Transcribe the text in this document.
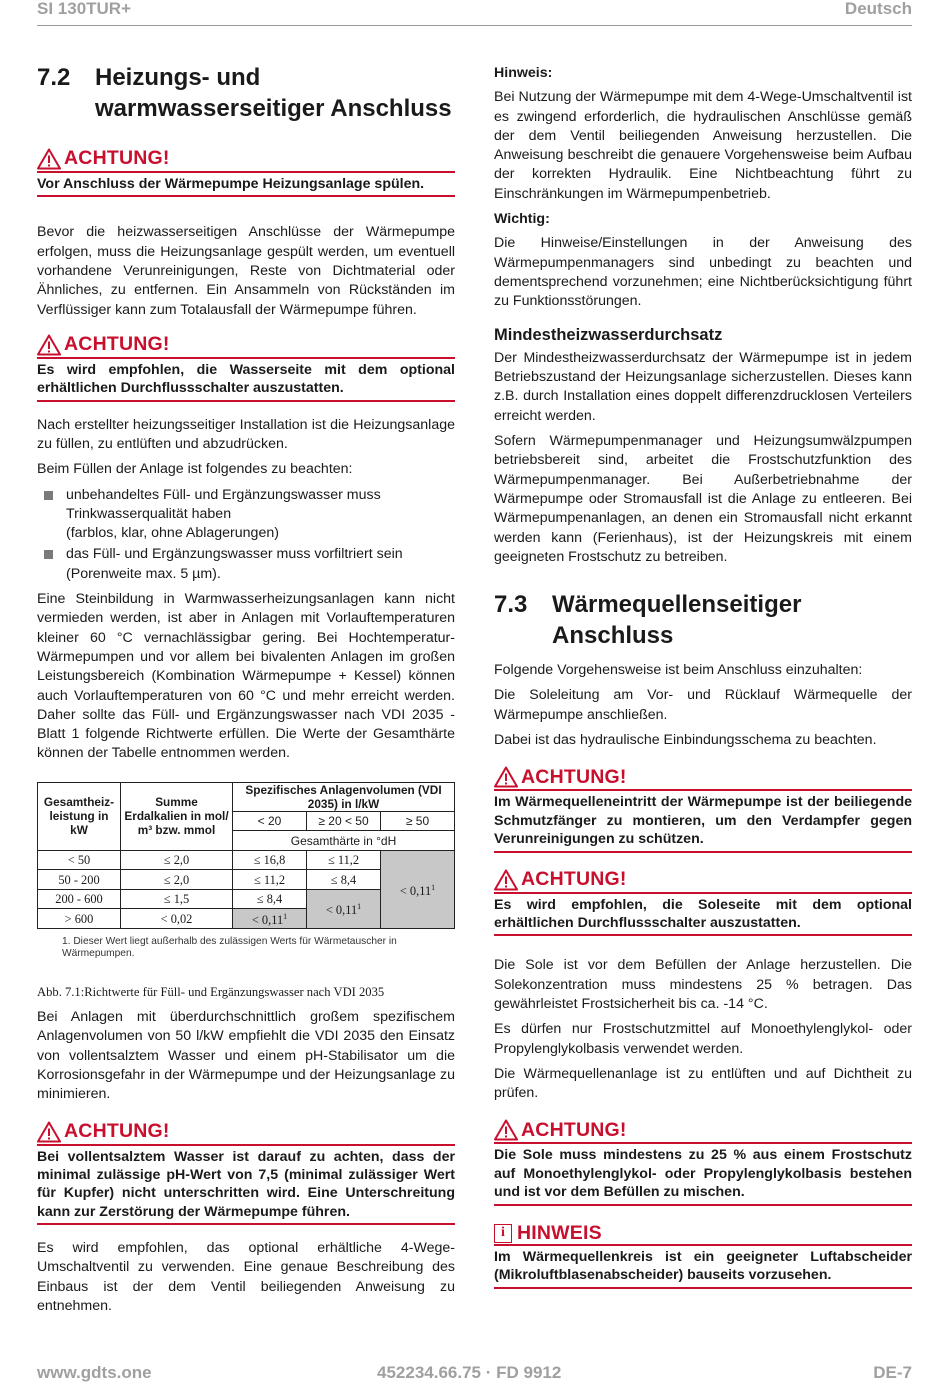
SI 130TUR+	Deutsch
7.2	Heizungs- und warmwasserseitiger Anschluss
ACHTUNG!
Vor Anschluss der Wärmepumpe Heizungsanlage spülen.

Bevor die heizwasserseitigen Anschlüsse der Wärmepumpe erfolgen, muss die Heizungsanlage gespült werden, um eventuell vorhandene Verunreinigungen, Reste von Dichtmaterial oder Ähnliches, zu entfernen. Ein Ansammeln von Rückständen im Verflüssiger kann zum Totalausfall der Wärmepumpe führen.

ACHTUNG!
Es wird empfohlen, die Wasserseite mit dem optional erhältlichen Durchflussschalter auszustatten.

Nach erstellter heizungsseitiger Installation ist die Heizungsanlage zu füllen, zu entlüften und abzudrücken.

Beim Füllen der Anlage ist folgendes zu beachten:

unbehandeltes Füll- und Ergänzungswasser muss Trinkwasserqualität haben
(farblos, klar, ohne Ablagerungen)
das Füll- und Ergänzungswasser muss vorfiltriert sein (Porenweite max. 5 µm).

Eine Steinbildung in Warmwasserheizungsanlagen kann nicht vermieden werden, ist aber in Anlagen mit Vorlauftemperaturen kleiner 60 °C vernachlässigbar gering. Bei Hochtemperatur-Wärmepumpen und vor allem bei bivalenten Anlagen im großen Leistungsbereich (Kombination Wärmepumpe + Kessel) können auch Vorlauftemperaturen von 60 °C und mehr erreicht werden. Daher sollte das Füll- und Ergänzungswasser nach VDI 2035 - Blatt 1 folgende Richtwerte erfüllen. Die Werte der Gesamthärte können der Tabelle entnommen werden.

Gesamtheiz-leistung in kW	Summe Erdalkalien in mol/ m³ bzw. mmol	Spezifisches Anlagenvolumen (VDI 2035) in l/kW		
		< 20	≥ 20 < 50	≥ 50
		Gesamthärte in °dH		
< 50	≤ 2,0	≤ 16,8	≤ 11,2	< $0,11^1$
50 - 200	≤ 2,0	≤ 11,2	≤ 8,4	
200 - 600	≤ 1,5	≤ 8,4	< $0,11^1$
> 600	< 0,02	< $0,11^1$
1. Dieser Wert liegt außerhalb des zulässigen Werts für Wärmetauscher in Wärmepumpen.
Abb. 7.1:Richtwerte für Füll- und Ergänzungswasser nach VDI 2035

Bei Anlagen mit überdurchschnittlich großem spezifischem Anlagenvolumen von 50 l/kW empfiehlt die VDI 2035 den Einsatz von vollentsalztem Wasser und einem pH-Stabilisator um die Korrosionsgefahr in der Wärmepumpe und der Heizungsanlage zu minimieren.

ACHTUNG!
Bei vollentsalztem Wasser ist darauf zu achten, dass der minimal zulässige pH-Wert von 7,5 (minimal zulässiger Wert für Kupfer) nicht unterschritten wird. Eine Unterschreitung kann zur Zerstörung der Wärmepumpe führen.

Es wird empfohlen, das optional erhältliche 4-Wege-Umschaltventil zu verwenden. Eine genaue Beschreibung des Einbaus ist der dem Ventil beiliegenden Anweisung zu entnehmen.

Hinweis:

Bei Nutzung der Wärmepumpe mit dem 4-Wege-Umschaltventil ist es zwingend erforderlich, die hydraulischen Anschlüsse gemäß der dem Ventil beiliegenden Anweisung herzustellen. Die Anweisung beschreibt die genauere Vorgehensweise beim Aufbau der korrekten Hydraulik. Eine Nichtbeachtung führt zu Einschränkungen im Wärmepumpenbetrieb.

Wichtig:

Die Hinweise/Einstellungen in der Anweisung des Wärmepumpenmanagers sind unbedingt zu beachten und dementsprechend vorzunehmen; eine Nichtberücksichtigung führt zu Funktionsstörungen.

Mindestheizwasserdurchsatz

Der Mindestheizwasserdurchsatz der Wärmepumpe ist in jedem Betriebszustand der Heizungsanlage sicherzustellen. Dieses kann z.B. durch Installation eines doppelt differenzdrucklosen Verteilers erreicht werden.

Sofern Wärmepumpenmanager und Heizungsumwälzpumpen betriebsbereit sind, arbeitet die Frostschutzfunktion des Wärmepumpenmanager. Bei Außerbetriebnahme der Wärmepumpe oder Stromausfall ist die Anlage zu entleeren. Bei Wärmepumpenanlagen, an denen ein Stromausfall nicht erkannt werden kann (Ferienhaus), ist der Heizungskreis mit einem geeigneten Frostschutz zu betreiben.

7.3	Wärmequellenseitiger Anschluss

Folgende Vorgehensweise ist beim Anschluss einzuhalten:

Die Soleleitung am Vor- und Rücklauf Wärmequelle der Wärmepumpe anschließen.

Dabei ist das hydraulische Einbindungsschema zu beachten.

ACHTUNG!
Im Wärmequelleneintritt der Wärmepumpe ist der beiliegende Schmutzfänger zu montieren, um den Verdampfer gegen Verunreinigungen zu schützen.
ACHTUNG!
Es wird empfohlen, die Soleseite mit dem optional erhältlichen Durchflussschalter auszustatten.

Die Sole ist vor dem Befüllen der Anlage herzustellen. Die Solekonzentration muss mindestens 25 % betragen. Das gewährleistet Frostsicherheit bis ca. -14 °C.

Es dürfen nur Frostschutzmittel auf Monoethylenglykol- oder Propylenglykolbasis verwendet werden.

Die Wärmequellenanlage ist zu entlüften und auf Dichtheit zu prüfen.

ACHTUNG!
Die Sole muss mindestens zu 25 % aus einem Frostschutz auf Monoethylenglykol- oder Propylenglykolbasis bestehen und ist vor dem Befüllen zu mischen.
i HINWEIS
Im Wärmequellenkreis ist ein geeigneter Luftabscheider (Mikroluftblasenabscheider) bauseits vorzusehen.
www.gdts.one	452234.66.75 · FD 9912	DE-7
